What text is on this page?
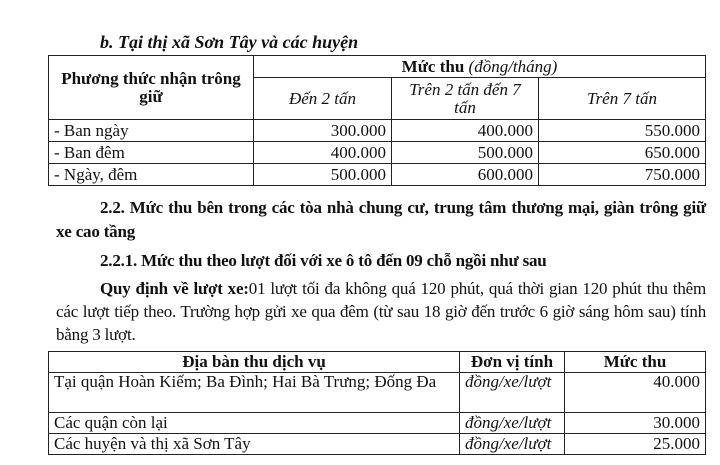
b. Tại thị xã Sơn Tây và các huyện
Phương thức nhận trông giữ	Mức thu (đồng/tháng)		
	Đến 2 tấn	Trên 2 tấn đến 7 tấn	Trên 7 tấn
- Ban ngày	300.000	400.000	550.000
- Ban đêm	400.000	500.000	650.000
- Ngày, đêm	500.000	600.000	750.000

2.2. Mức thu bên trong các tòa nhà chung cư, trung tâm thương mại, giàn trông giữ xe cao tầng

2.2.1. Mức thu theo lượt đối với xe ô tô đến 09 chỗ ngồi như sau

Quy định về lượt xe:01 lượt tối đa không quá 120 phút, quá thời gian 120 phút thu thêm các lượt tiếp theo. Trường hợp gửi xe qua đêm (từ sau 18 giờ đến trước 6 giờ sáng hôm sau) tính bằng 3 lượt.

Địa bàn thu dịch vụ	Đơn vị tính	Mức thu
Tại quận Hoàn Kiếm; Ba Đình; Hai Bà Trưng; Đống Đa	đồng/xe/lượt	40.000
Các quận còn lại	đồng/xe/lượt	30.000
Các huyện và thị xã Sơn Tây	đồng/xe/lượt	25.000
